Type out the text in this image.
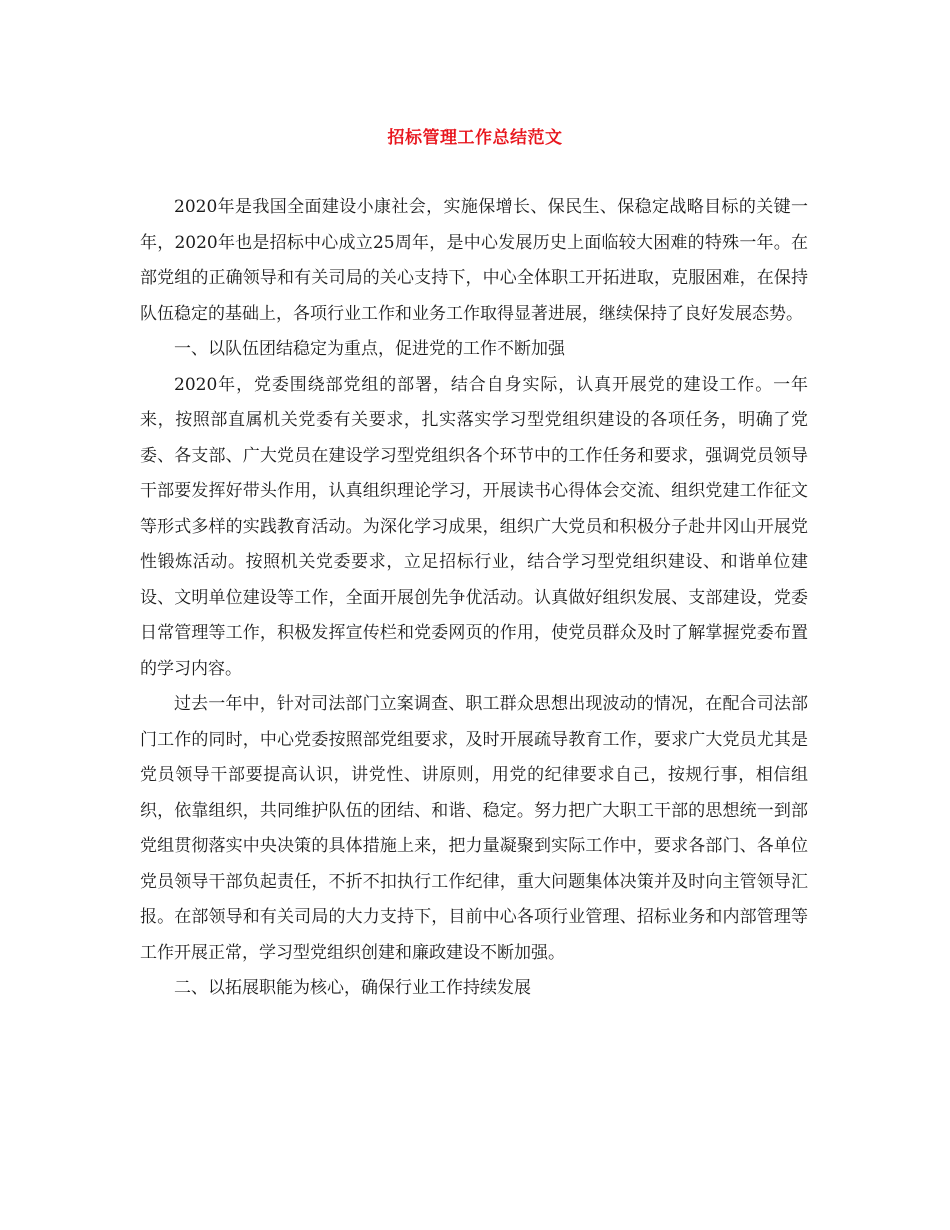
招标管理工作总结范文

2020年是我国全面建设小康社会，实施保增长、保民生、保稳定战略目标的关键一年，2020年也是招标中心成立25周年，是中心发展历史上面临较大困难的特殊一年。在部党组的正确领导和有关司局的关心支持下，中心全体职工开拓进取，克服困难，在保持队伍稳定的基础上，各项行业工作和业务工作取得显著进展，继续保持了良好发展态势。

一、以队伍团结稳定为重点，促进党的工作不断加强

2020年，党委围绕部党组的部署，结合自身实际，认真开展党的建设工作。一年来，按照部直属机关党委有关要求，扎实落实学习型党组织建设的各项任务，明确了党委、各支部、广大党员在建设学习型党组织各个环节中的工作任务和要求，强调党员领导干部要发挥好带头作用，认真组织理论学习，开展读书心得体会交流、组织党建工作征文等形式多样的实践教育活动。为深化学习成果，组织广大党员和积极分子赴井冈山开展党性锻炼活动。按照机关党委要求，立足招标行业，结合学习型党组织建设、和谐单位建设、文明单位建设等工作，全面开展创先争优活动。认真做好组织发展、支部建设，党委日常管理等工作，积极发挥宣传栏和党委网页的作用，使党员群众及时了解掌握党委布置的学习内容。

过去一年中，针对司法部门立案调查、职工群众思想出现波动的情况，在配合司法部门工作的同时，中心党委按照部党组要求，及时开展疏导教育工作，要求广大党员尤其是党员领导干部要提高认识，讲党性、讲原则，用党的纪律要求自己，按规行事，相信组织，依靠组织，共同维护队伍的团结、和谐、稳定。努力把广大职工干部的思想统一到部党组贯彻落实中央决策的具体措施上来，把力量凝聚到实际工作中，要求各部门、各单位党员领导干部负起责任，不折不扣执行工作纪律，重大问题集体决策并及时向主管领导汇报。在部领导和有关司局的大力支持下，目前中心各项行业管理、招标业务和内部管理等工作开展正常，学习型党组织创建和廉政建设不断加强。

二、以拓展职能为核心，确保行业工作持续发展
